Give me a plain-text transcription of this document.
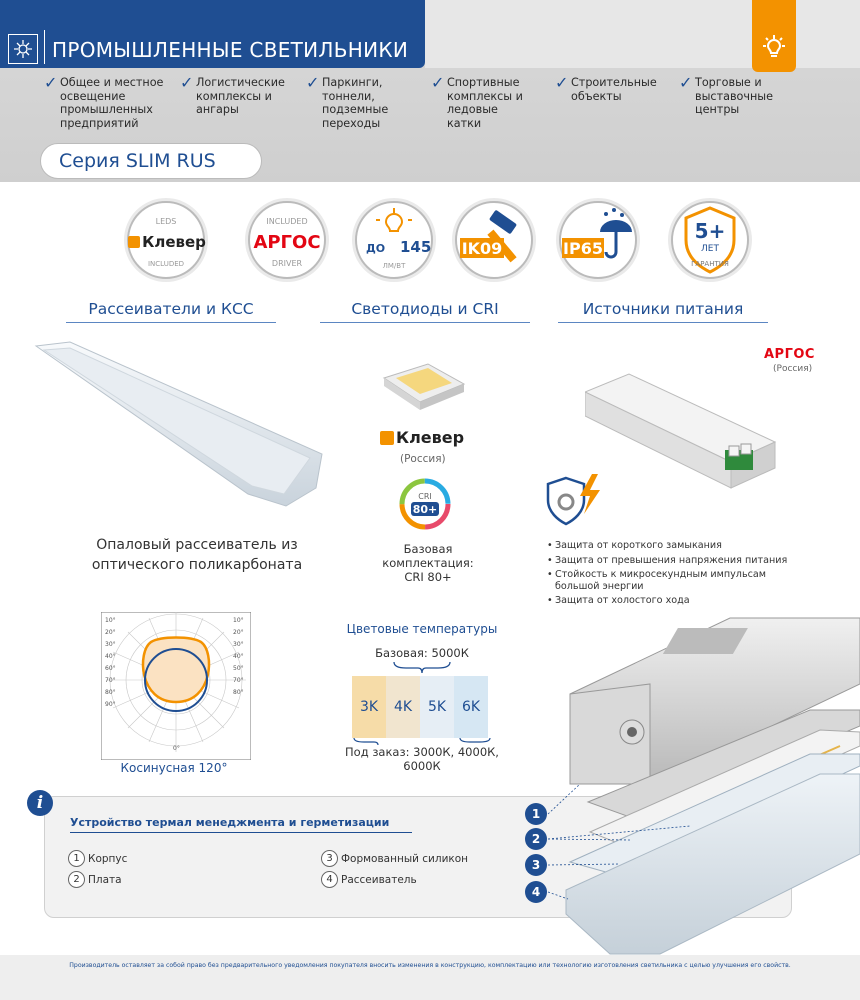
ПРОМЫШЛЕННЫЕ СВЕТИЛЬНИКИ
✓ Общее и местное освещение промышленных предприятий
✓ Логистические комплексы и ангары
✓ Паркинги, тоннели, подземные переходы
✓ Спортивные комплексы и ледовые катки
✓ Строительные объекты
✓ Торговые и выставочные центры
Серия SLIM RUS
LEDS
Клевер
INCLUDED
INCLUDED
АРГОС
DRIVER
ДО 145
ЛМ/ВТ
IK09	IP65
5+
ЛЕТ
ГАРАНТИЯ
Рассеиватели и КСС	Светодиоды и CRI	Источники питания
Опаловый рассеиватель из оптического поликарбоната
Клевер
(Россия)
CRI
80+
Базовая комплектация: CRI 80+
АРГОС
(Россия)
• Защита от короткого замыкания
• Защита от превышения напряжения питания
• Стойкость к микросекундным импульсам большой энергии
• Защита от холостого хода
10°
20°
30°
40°
60°
70°
80°
90°
10°
20°
30°
40°
50°
70°
80°
0°
Косинусная 120°
Цветовые температуры
Базовая: 5000К
3K 4K 5K 6K
Под заказ: 3000К, 4000К, 6000К
i
Устройство термал менеджмента и герметизации
1 Корпус
2 Плата
3 Формованный силикон
4 Рассеиватель
1
2
3
4
Производитель оставляет за собой право без предварительного уведомления покупателя вносить изменения в конструкцию, комплектацию или технологию изготовления светильника с целью улучшения его свойств.
